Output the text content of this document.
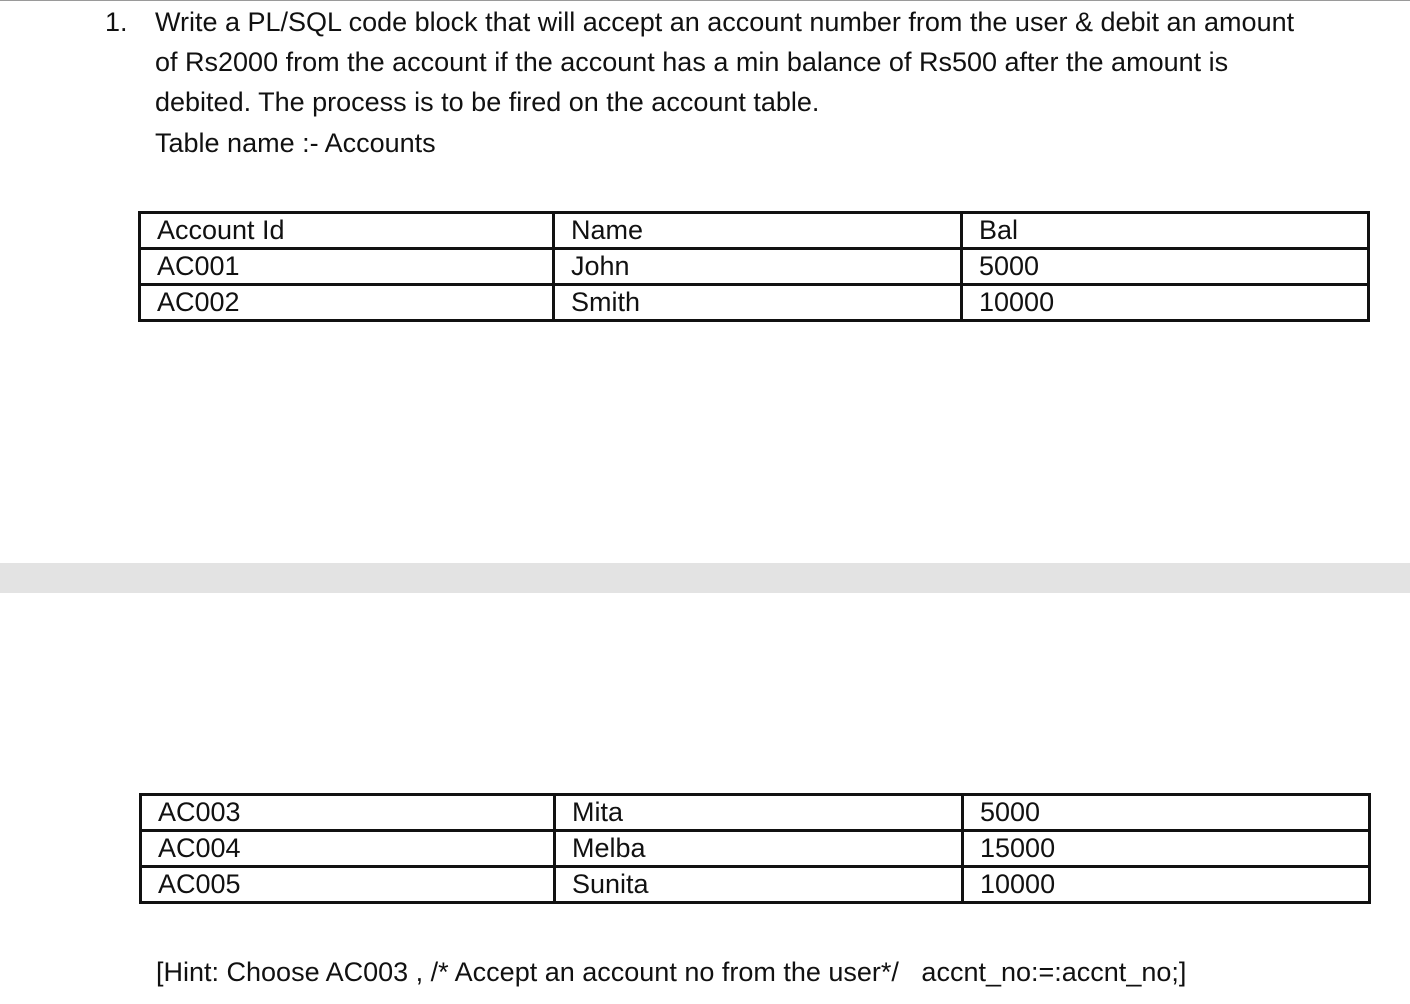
1. Write a PL/SQL code block that will accept an account number from the user & debit an amount
of Rs2000 from the account if the account has a min balance of Rs500 after the amount is
debited. The process is to be fired on the account table.
Table name :- Accounts
Account Id	Name	Bal
AC001	John	5000
AC002	Smith	10000
AC003	Mita	5000
AC004	Melba	15000
AC005	Sunita	10000
[Hint: Choose AC003 , /* Accept an account no from the user*/   accnt_no:=:accnt_no;]
